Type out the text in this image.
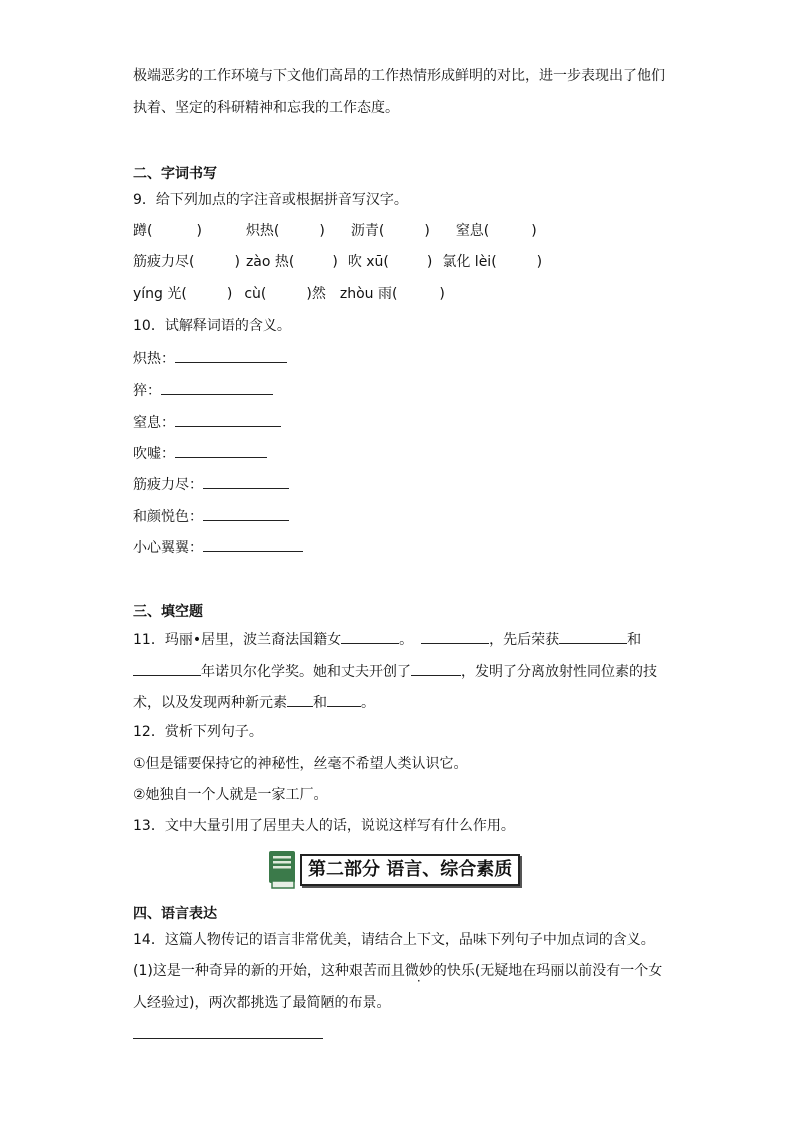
极端恶劣的工作环境与下文他们高昂的工作热情形成鲜明的对比，进一步表现出了他们
执着、坚定的科研精神和忘我的工作态度。
二、字词书写
9．给下列加点的字注音或根据拼音写汉字。
蹲(	)	炽热(	) 沥青(	) 窒息(	)
筋疲力尽(	) zào 热(	) 吹 xū(	) 氯化 lèi(	)
yíng 光(	) cù(	)然 zhòu 雨(	)
10．试解释词语的含义。
炽热：
猝：
窒息：
吹嘘：
筋疲力尽：
和颜悦色：
小心翼翼：
三、填空题
11．玛丽•居里，波兰裔法国籍女	。	，先后荣获	和
年诺贝尔化学奖。她和丈夫开创了	，发明了分离放射性同位素的技
术，以及发现两种新元素 和 。
12．赏析下列句子。
①但是镭要保持它的神秘性，丝毫不希望人类认识它。
②她独自一个人就是一家工厂。
13．文中大量引用了居里夫人的话，说说这样写有什么作用。
第二部分 语言、综合素质
四、语言表达
14．这篇人物传记的语言非常优美，请结合上下文，品味下列句子中加点词的含义。
(1)这是一种奇异的新的开始，这种艰苦而且微妙的快乐(无疑地在玛丽以前没有一个女
人经验过)，两次都挑选了最简陋的布景。
